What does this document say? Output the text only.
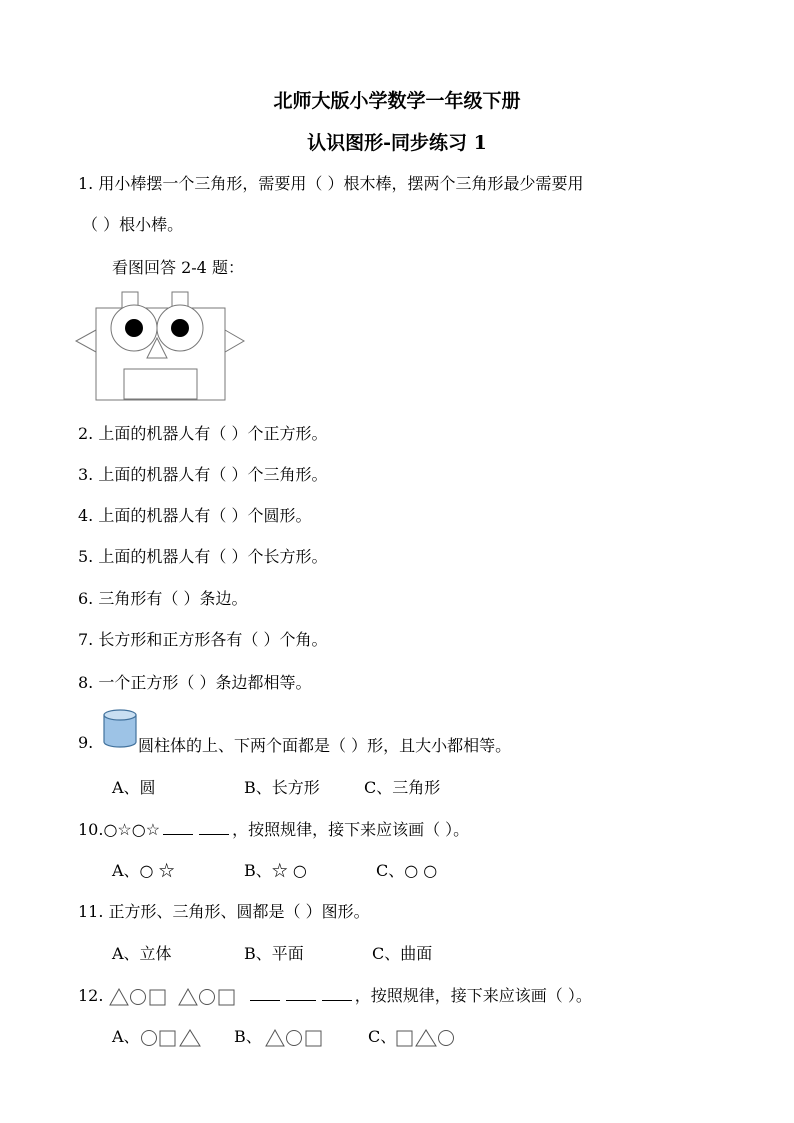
北师大版小学数学一年级下册
认识图形-同步练习 1
1. 用小棒摆一个三角形，需要用（ ）根木棒，摆两个三角形最少需要用
（ ）根小棒。
看图回答 2-4 题：
2. 上面的机器人有（ ）个正方形。
3. 上面的机器人有（ ）个三角形。
4. 上面的机器人有（ ）个圆形。
5. 上面的机器人有（ ）个长方形。
6. 三角形有（ ）条边。
7. 长方形和正方形各有（ ）个角。
8. 一个正方形（ ）条边都相等。
9.	圆柱体的上、下两个面都是（ ）形，且大小都相等。
A、圆	B、长方形	C、三角形
10.○☆○☆	，按照规律，接下来应该画（ ）。
A、○ ☆	B、☆ ○	C、○ ○
11. 正方形、三角形、圆都是（ ）图形。
A、立体	B、平面	C、曲面
12.	，按照规律，接下来应该画（ ）。
A、	B、	C、
